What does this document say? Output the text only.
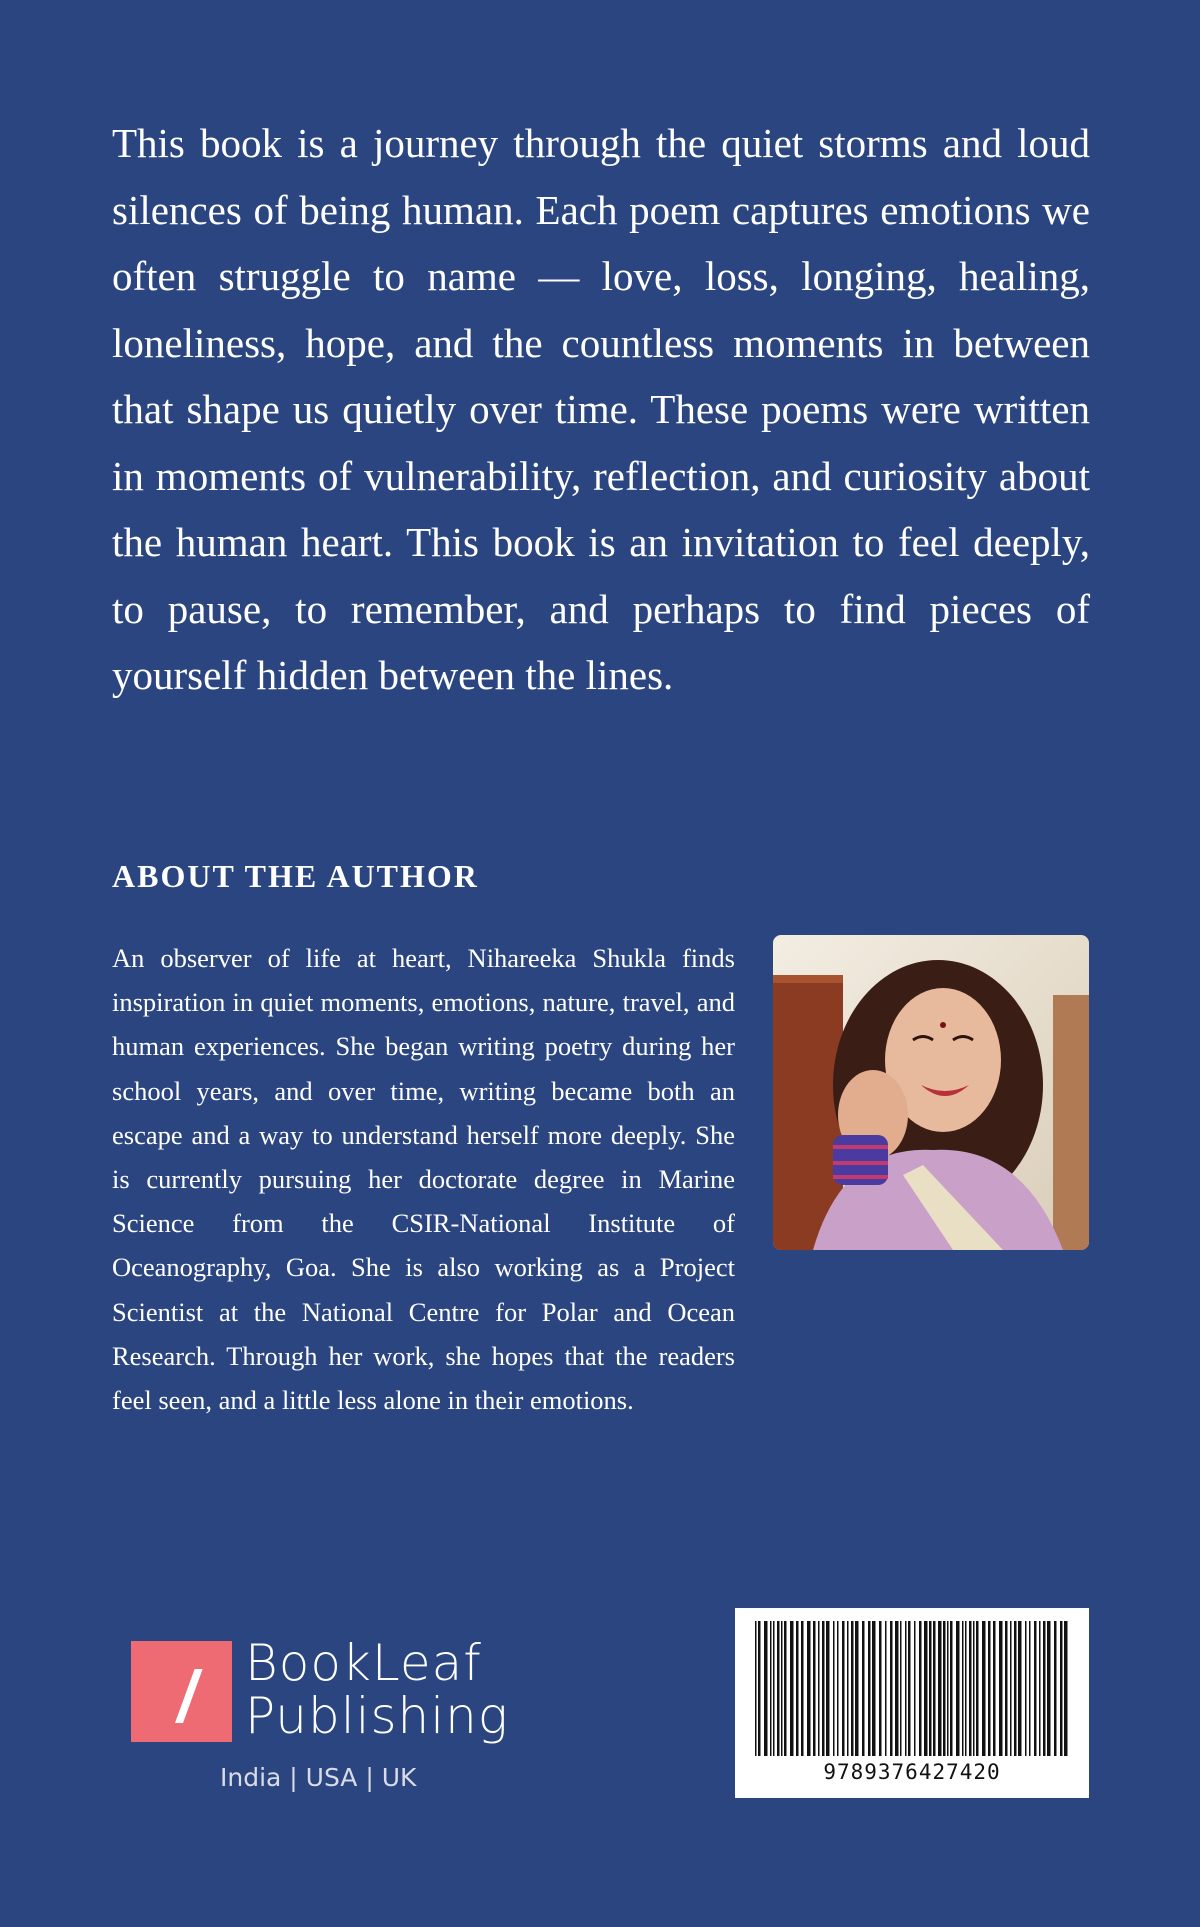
This book is a journey through the quiet storms and loud silences of being human. Each poem captures emotions we often struggle to name — love, loss, longing, healing, loneliness, hope, and the countless moments in between that shape us quietly over time. These poems were written in moments of vulnerability, reflection, and curiosity about the human heart. This book is an invitation to feel deeply, to pause, to remember, and perhaps to find pieces of yourself hidden between the lines.

ABOUT THE AUTHOR

An observer of life at heart, Nihareeka Shukla finds inspiration in quiet moments, emotions, nature, travel, and human experiences. She began writing poetry during her school years, and over time, writing became both an escape and a way to understand herself more deeply. She is currently pursuing her doctorate degree in Marine Science from the CSIR-National Institute of Oceanography, Goa. She is also working as a Project Scientist at the National Centre for Polar and Ocean Research. Through her work, she hopes that the readers feel seen, and a little less alone in their emotions.

BookLeaf
Publishing
India | USA | UK	9789376427420
